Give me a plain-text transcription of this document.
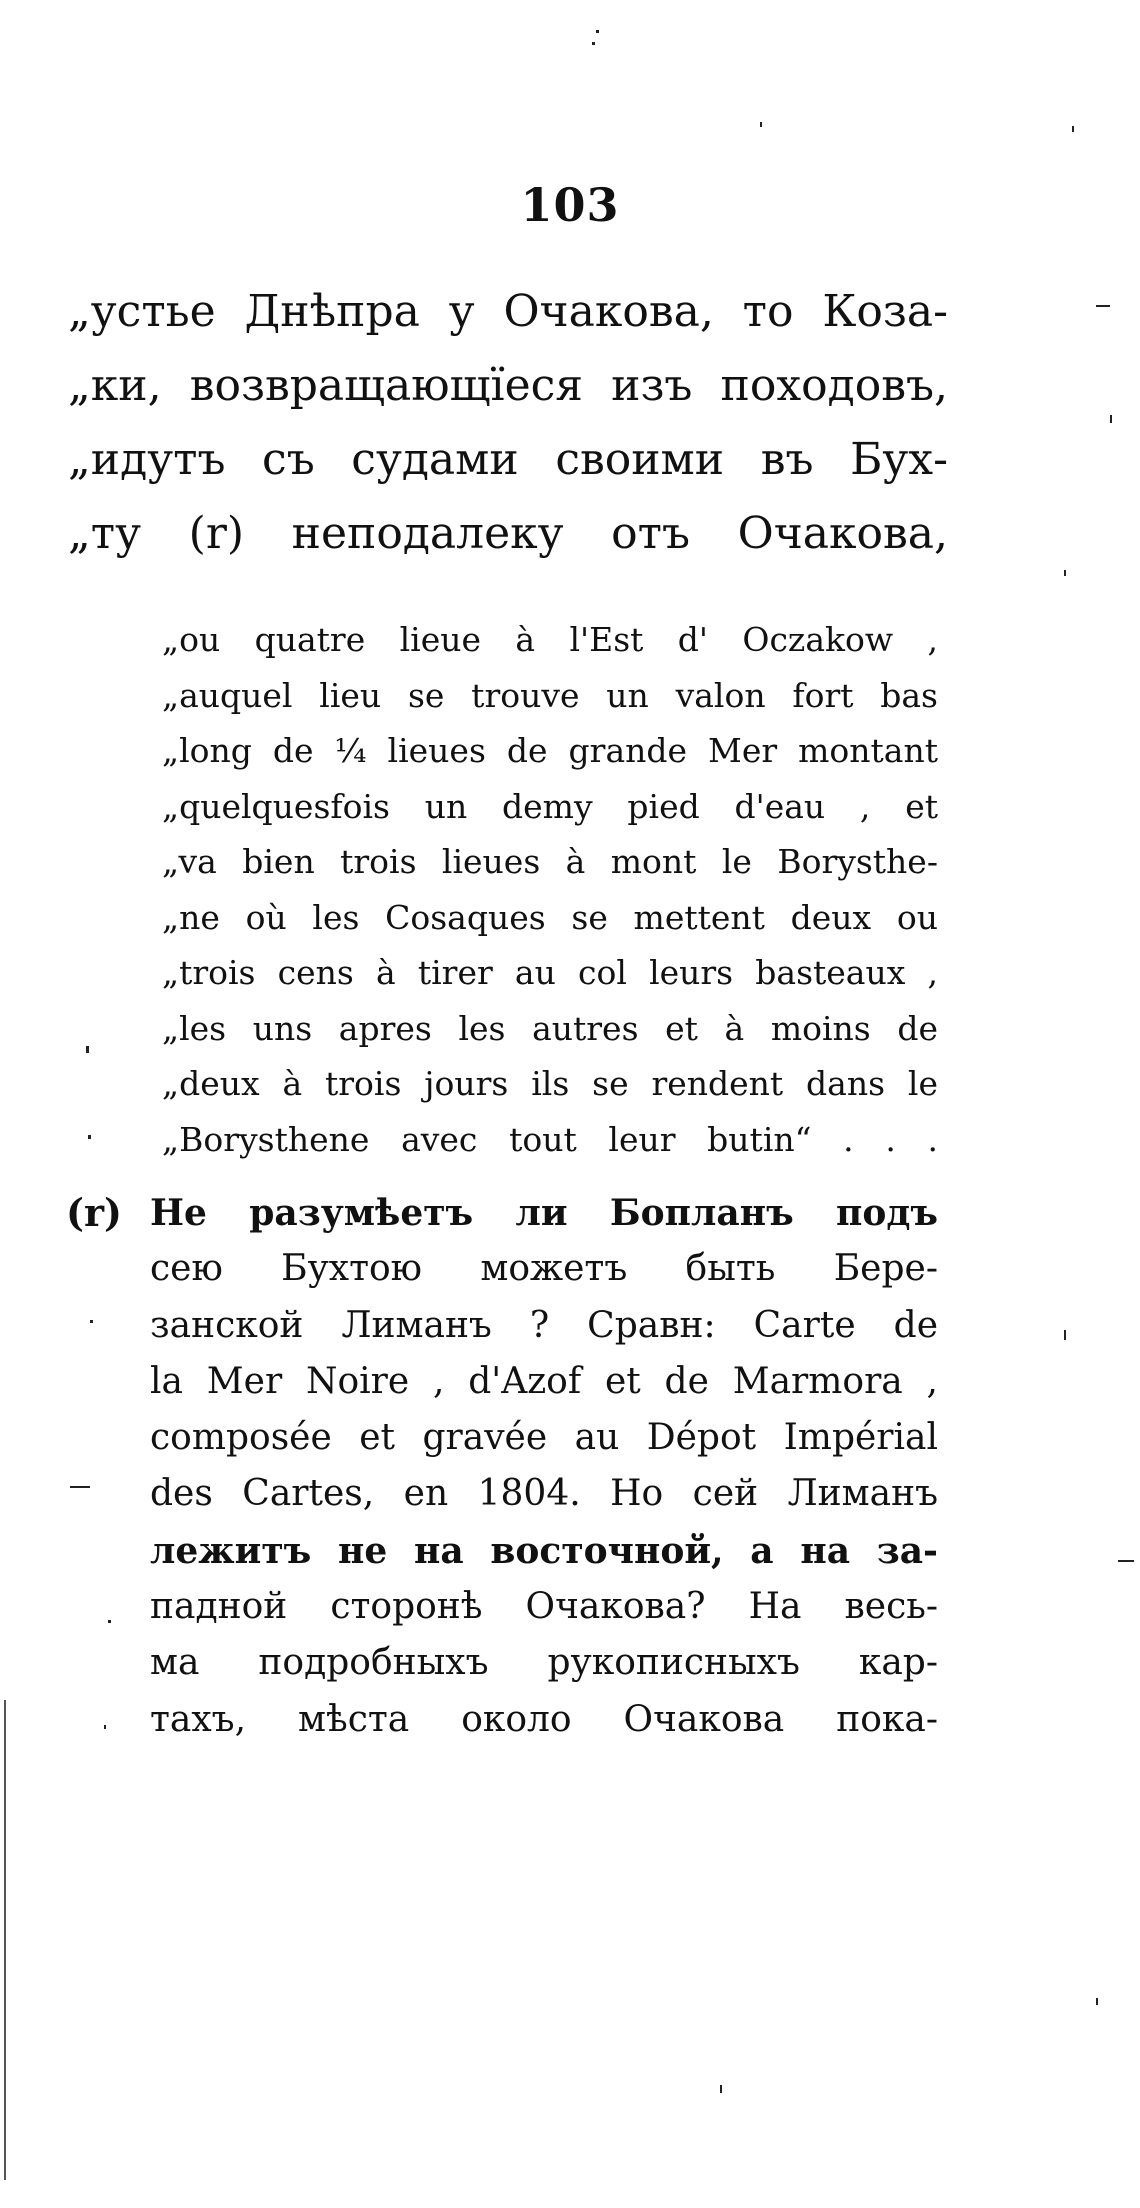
103
„устье Днѣпра у Очакова, то Коза-
„ки, возвращающїеся изъ походовъ,
„идутъ съ судами своими въ Бух-
„ту (r) неподалеку отъ Очакова,
„ou quatre lieue à l'Est d' Oczakow ,
„auquel lieu se trouve un valon fort bas
„long de ¼ lieues de grande Mer montant
„quelquesfois un demy pied d'eau , et
„va bien trois lieues à mont le Borysthe-
„ne où les Cosaques se mettent deux ou
„trois cens à tirer au col leurs basteaux ,
„les uns apres les autres et à moins de
„deux à trois jours ils se rendent dans le
„Borysthene avec tout leur butin“ . . .
(r) Не разумѣетъ ли Бопланъ подъ
сею Бухтою можетъ быть Бере-
занской Лиманъ ? Сравн: Carte de
la Mer Noire , d'Azof et de Marmora ,
composée et gravée au Dépot Impérial
des Cartes, en 1804. Но сей Лиманъ
лежитъ не на восточной, а на за-
падной сторонѣ Очакова? На весь-
ма подробныхъ рукописныхъ кар-
тахъ, мѣста около Очакова пока-
